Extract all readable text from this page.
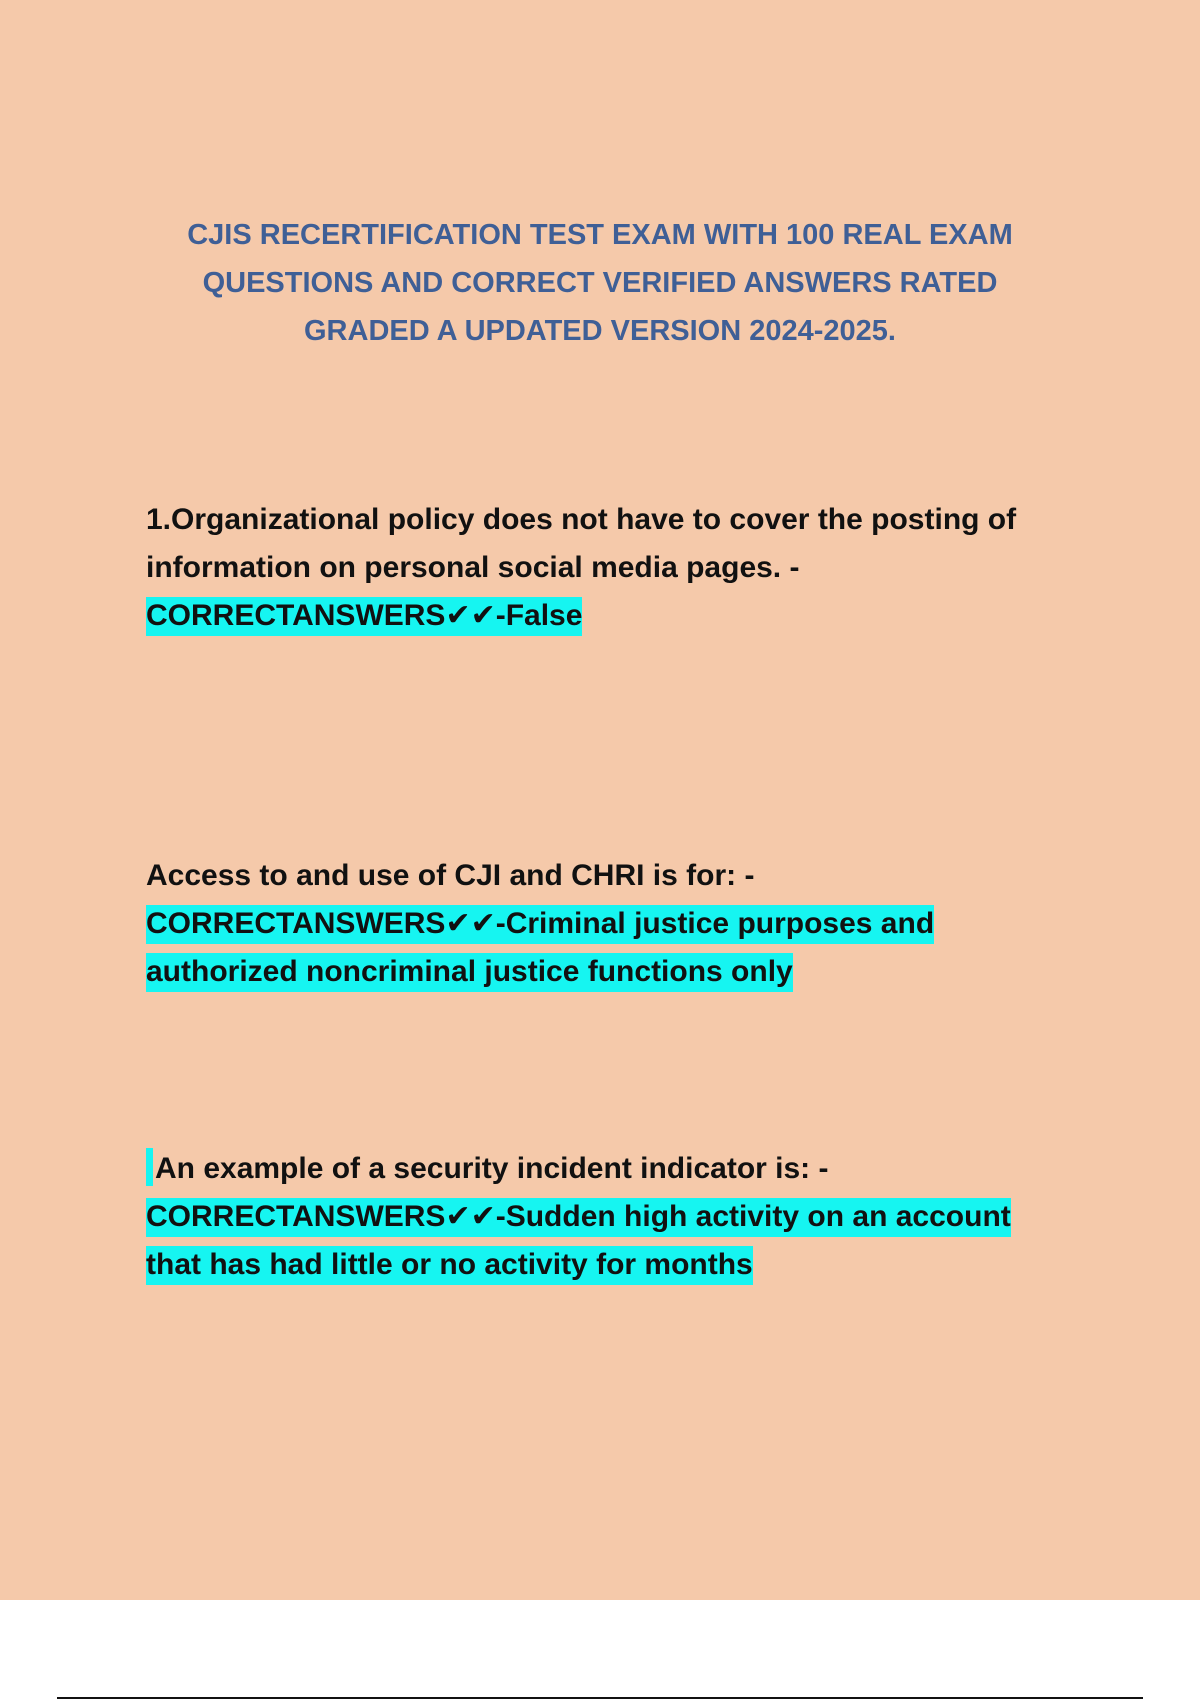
CJIS RECERTIFICATION TEST EXAM WITH 100 REAL EXAM
QUESTIONS AND CORRECT VERIFIED ANSWERS RATED
GRADED A UPDATED VERSION 2024-2025.
1.Organizational policy does not have to cover the posting of
information on personal social media pages. -
CORRECTANSWERS✔✔-False
Access to and use of CJI and CHRI is for: -
CORRECTANSWERS✔✔-Criminal justice purposes and
authorized noncriminal justice functions only
An example of a security incident indicator is: -
CORRECTANSWERS✔✔-Sudden high activity on an account
that has had little or no activity for months
